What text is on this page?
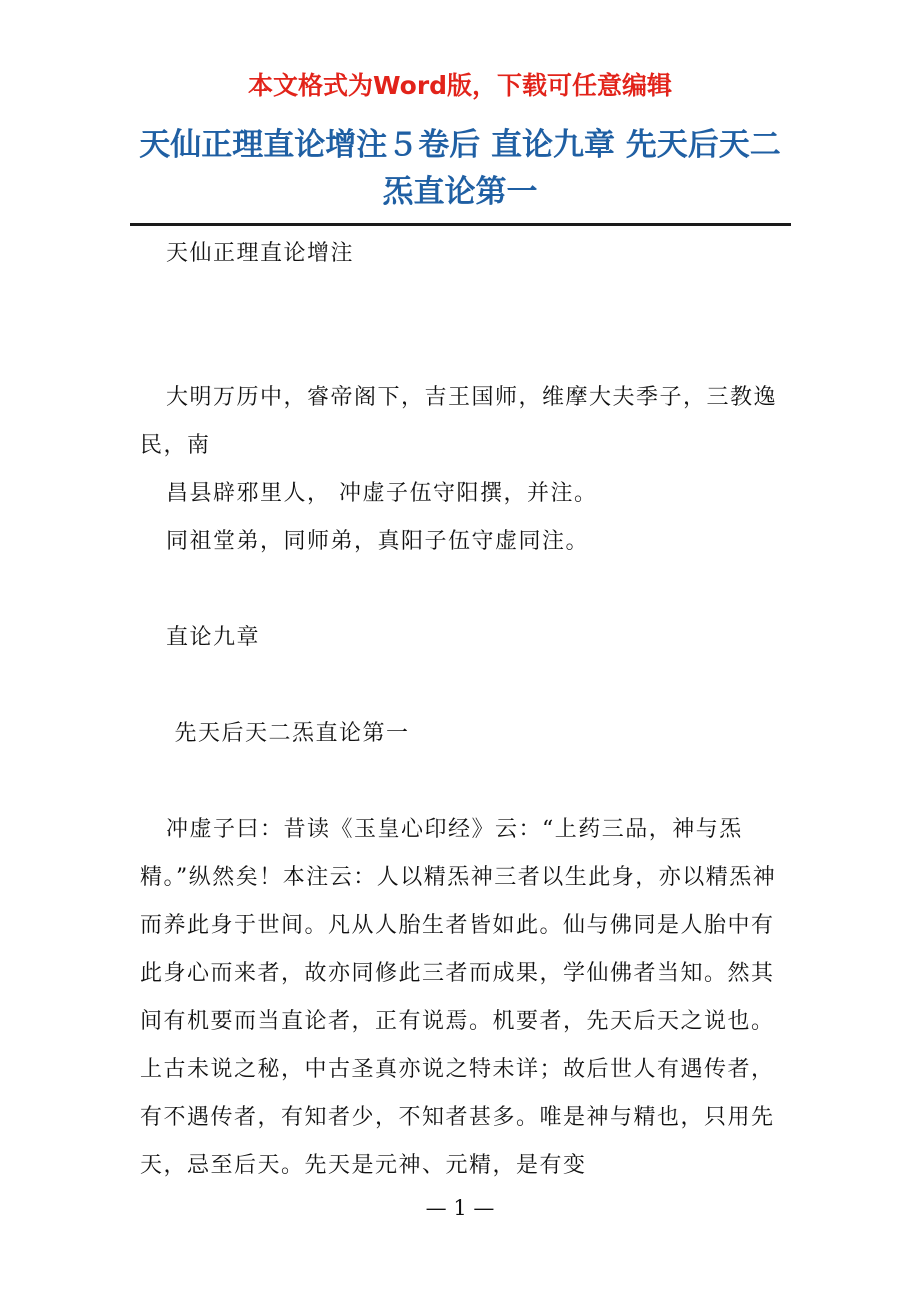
本文格式为Word版，下载可任意编辑
天仙正理直论增注５卷后 直论九章 先天后天二炁直论第一

天仙正理直论增注

大明万历中，睿帝阁下，吉王国师，维摩大夫季子，三教逸民，南

昌县辟邪里人， 冲虚子伍守阳撰，并注。

同祖堂弟，同师弟，真阳子伍守虚同注。

直论九章

先天后天二炁直论第一

冲虚子曰：昔读《玉皇心印经》云：“上药三品，神与炁精。”纵然矣！本注云：人以精炁神三者以生此身，亦以精炁神而养此身于世间。凡从人胎生者皆如此。仙与佛同是人胎中有此身心而来者，故亦同修此三者而成果，学仙佛者当知。然其间有机要而当直论者，正有说焉。机要者，先天后天之说也。上古未说之秘，中古圣真亦说之特未详；故后世人有遇传者，有不遇传者，有知者少，不知者甚多。唯是神与精也，只用先天，忌至后天。先天是元神、元精，是有变

— 1 —
